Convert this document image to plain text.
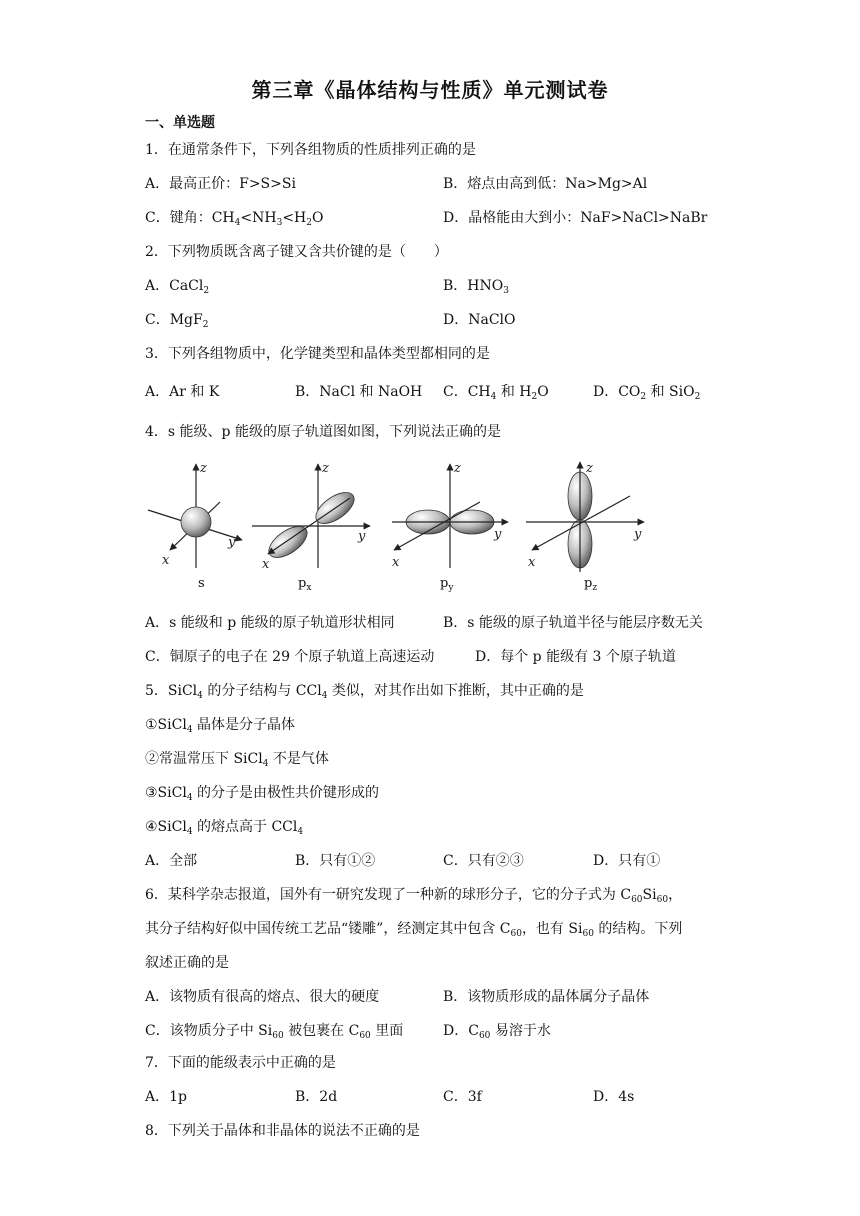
第三章《晶体结构与性质》单元测试卷
一、单选题
1．在通常条件下，下列各组物质的性质排列正确的是
A．最高正价：F>S>Si	B．熔点由高到低：Na>Mg>Al
C．键角：$CH_4<NH_3<H_2O$	D．晶格能由大到小：NaF>NaCl>NaBr
2．下列物质既含离子键又含共价键的是（　　）
A．CaCl$_2$	B．$HNO_3$
C．MgF$_2$	D．NaClO
3．下列各组物质中，化学键类型和晶体类型都相同的是
A．Ar 和 K	B．NaCl 和 NaOH C．$CH_4$ 和 $H_2O$	D．$CO_2$ 和 SiO$_2$
4．s 能级、p 能级的原子轨道图如图，下列说法正确的是
z
y
x
z
y
x
z
y
x
z
y
x
s	$p_x$	$p_y$	$p_z$
A．s 能级和 p 能级的原子轨道形状相同	B．s 能级的原子轨道半径与能层序数无关
C．铜原子的电子在 29 个原子轨道上高速运动	D．每个 p 能级有 3 个原子轨道
5．SiCl$_4$ 的分子结构与 CCl$_4$ 类似，对其作出如下推断，其中正确的是
①SiCl$_4$ 晶体是分子晶体
②常温常压下 SiCl$_4$ 不是气体
③SiCl$_4$ 的分子是由极性共价键形成的
④SiCl$_4$ 的熔点高于 CCl$_4$
A．全部	B．只有①②	C．只有②③	D．只有①
6．某科学杂志报道，国外有一研究发现了一种新的球形分子，它的分子式为 $C_{60}Si_{60}$，
其分子结构好似中国传统工艺品“镂雕”，经测定其中包含 $C_{60}$，也有 $Si_{60}$ 的结构。下列
叙述正确的是
A．该物质有很高的熔点、很大的硬度	B．该物质形成的晶体属分子晶体
C．该物质分子中 $Si_{60}$ 被包裹在 $C_{60}$ 里面	D．$C_{60}$ 易溶于水
7．下面的能级表示中正确的是
A．1p	B．2d	C．3f	D．4s
8．下列关于晶体和非晶体的说法不正确的是
